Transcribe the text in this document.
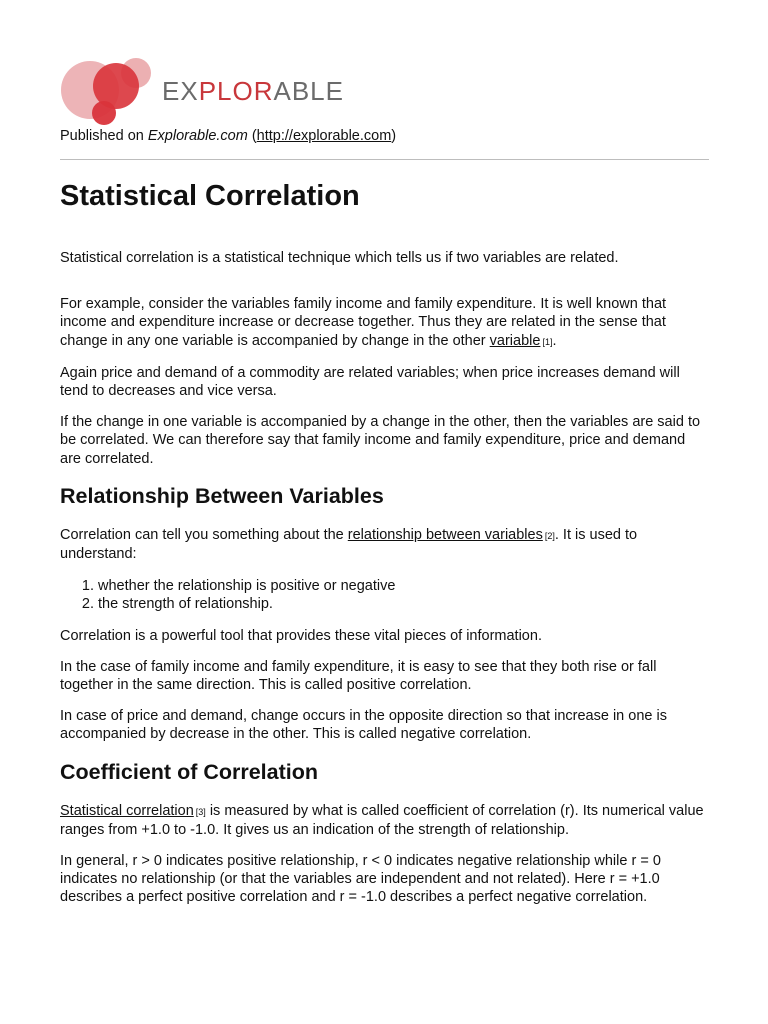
EXPLORABLE
Published on Explorable.com (http://explorable.com)
Statistical Correlation

Statistical correlation is a statistical technique which tells us if two variables are related.

For example, consider the variables family income and family expenditure. It is well known that income and expenditure increase or decrease together. Thus they are related in the sense that change in any one variable is accompanied by change in the other variable [1].

Again price and demand of a commodity are related variables; when price increases demand will tend to decreases and vice versa.

If the change in one variable is accompanied by a change in the other, then the variables are said to be correlated. We can therefore say that family income and family expenditure, price and demand are correlated.

Relationship Between Variables

Correlation can tell you something about the relationship between variables [2]. It is used to understand:

1. whether the relationship is positive or negative
2. the strength of relationship.

Correlation is a powerful tool that provides these vital pieces of information.

In the case of family income and family expenditure, it is easy to see that they both rise or fall together in the same direction. This is called positive correlation.

In case of price and demand, change occurs in the opposite direction so that increase in one is accompanied by decrease in the other. This is called negative correlation.

Coefficient of Correlation

Statistical correlation [3] is measured by what is called coefficient of correlation (r). Its numerical value ranges from +1.0 to -1.0. It gives us an indication of the strength of relationship.

In general, r > 0 indicates positive relationship, r < 0 indicates negative relationship while r = 0 indicates no relationship (or that the variables are independent and not related). Here r = +1.0 describes a perfect positive correlation and r = -1.0 describes a perfect negative correlation.
